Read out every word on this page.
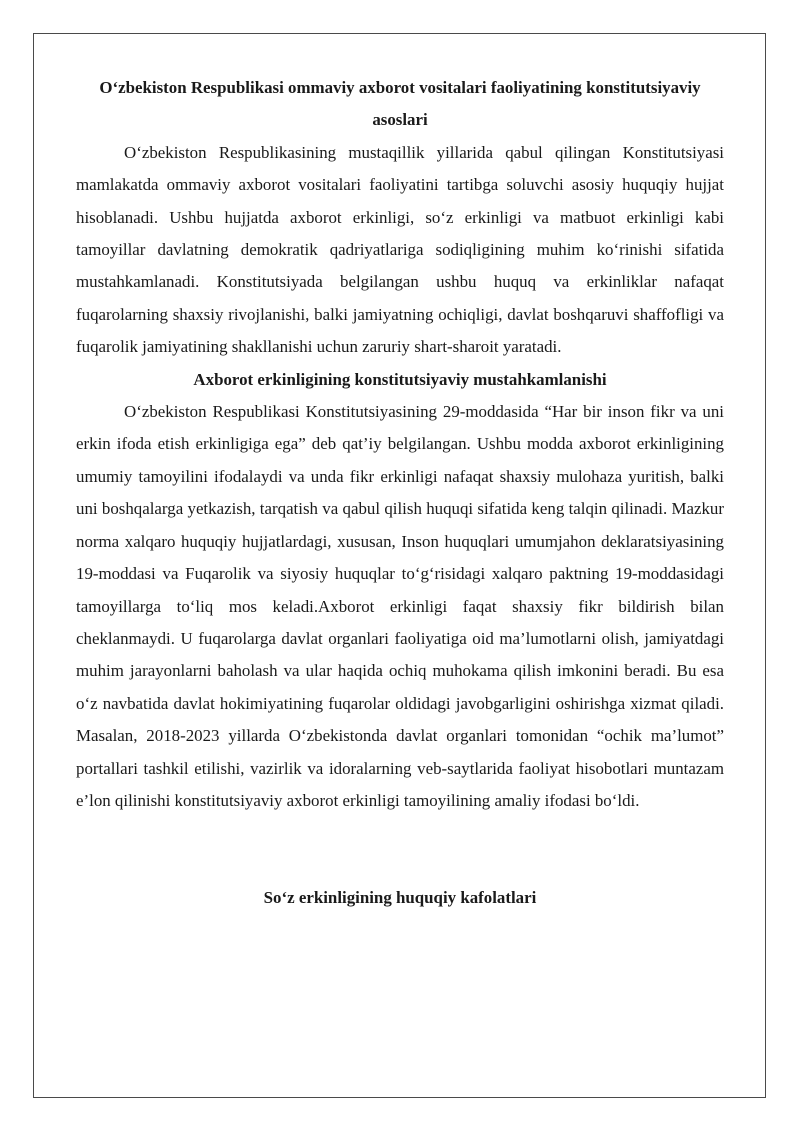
O‘zbekiston Respublikasi ommaviy axborot vositalari faoliyatining konstitutsiyaviy asoslari

O‘zbekiston Respublikasining mustaqillik yillarida qabul qilingan Konstitutsiyasi mamlakatda ommaviy axborot vositalari faoliyatini tartibga soluvchi asosiy huquqiy hujjat hisoblanadi. Ushbu hujjatda axborot erkinligi, so‘z erkinligi va matbuot erkinligi kabi tamoyillar davlatning demokratik qadriyatlariga sodiqligining muhim ko‘rinishi sifatida mustahkamlanadi. Konstitutsiyada belgilangan ushbu huquq va erkinliklar nafaqat fuqarolarning shaxsiy rivojlanishi, balki jamiyatning ochiqligi, davlat boshqaruvi shaffofligi va fuqarolik jamiyatining shakllanishi uchun zaruriy shart-sharoit yaratadi.

Axborot erkinligining konstitutsiyaviy mustahkamlanishi

O‘zbekiston Respublikasi Konstitutsiyasining 29-moddasida “Har bir inson fikr va uni erkin ifoda etish erkinligiga ega” deb qat’iy belgilangan. Ushbu modda axborot erkinligining umumiy tamoyilini ifodalaydi va unda fikr erkinligi nafaqat shaxsiy mulohaza yuritish, balki uni boshqalarga yetkazish, tarqatish va qabul qilish huquqi sifatida keng talqin qilinadi. Mazkur norma xalqaro huquqiy hujjatlardagi, xususan, Inson huquqlari umumjahon deklaratsiyasining 19-moddasi va Fuqarolik va siyosiy huquqlar to‘g‘risidagi xalqaro paktning 19-moddasidagi tamoyillarga to‘liq mos keladi.Axborot erkinligi faqat shaxsiy fikr bildirish bilan cheklanmaydi. U fuqarolarga davlat organlari faoliyatiga oid ma’lumotlarni olish, jamiyatdagi muhim jarayonlarni baholash va ular haqida ochiq muhokama qilish imkonini beradi. Bu esa o‘z navbatida davlat hokimiyatining fuqarolar oldidagi javobgarligini oshirishga xizmat qiladi. Masalan, 2018-2023 yillarda O‘zbekistonda davlat organlari tomonidan “ochik ma’lumot” portallari tashkil etilishi, vazirlik va idoralarning veb-saytlarida faoliyat hisobotlari muntazam e’lon qilinishi konstitutsiyaviy axborot erkinligi tamoyilining amaliy ifodasi bo‘ldi.

So‘z erkinligining huquqiy kafolatlari
